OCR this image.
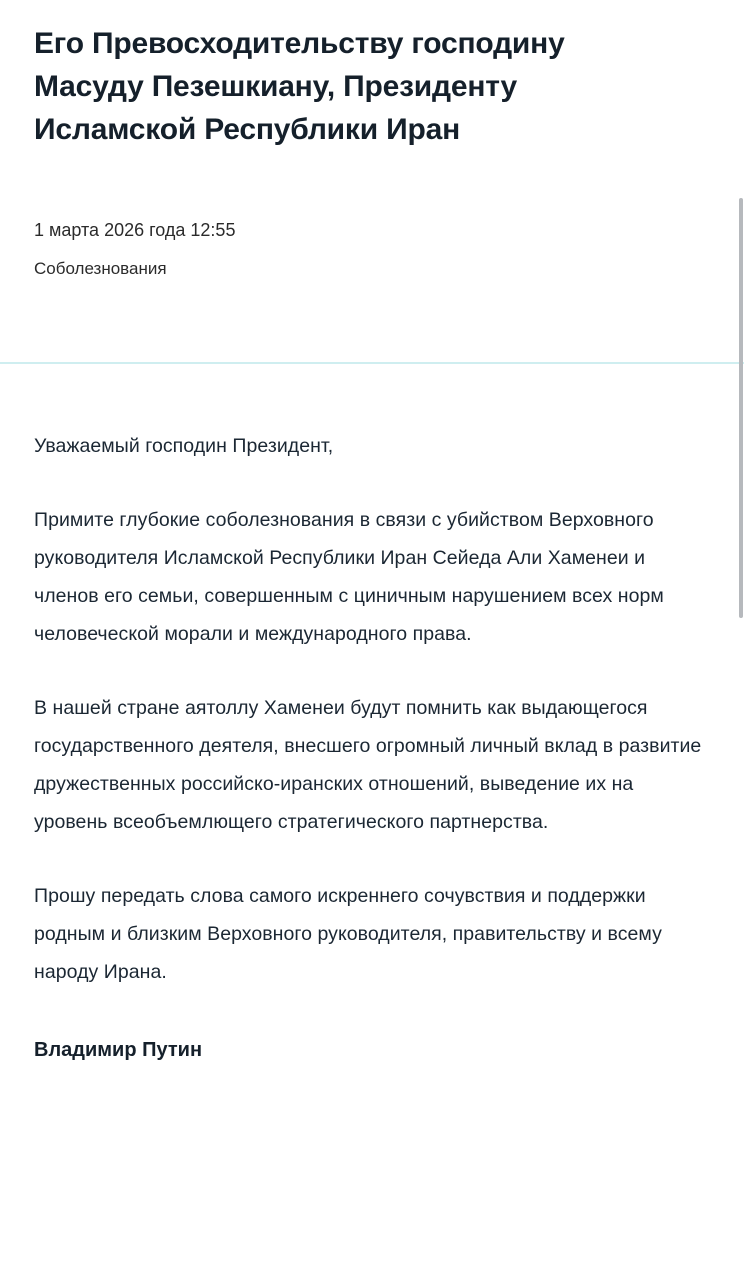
Его Превосходительству господину Масуду Пезешкиану, Президенту Исламской Республики Иран
1 марта 2026 года 12:55
Соболезнования

Уважаемый господин Президент,

Примите глубокие соболезнования в связи с убийством Верховного руководителя Исламской Республики Иран Сейеда Али Хаменеи и членов его семьи, совершенным с циничным нарушением всех норм человеческой морали и международного права.

В нашей стране аятоллу Хаменеи будут помнить как выдающегося государственного деятеля, внесшего огромный личный вклад в развитие дружественных российско-иранских отношений, выведение их на уровень всеобъемлющего стратегического партнерства.

Прошу передать слова самого искреннего сочувствия и поддержки родным и близким Верховного руководителя, правительству и всему народу Ирана.

Владимир Путин
